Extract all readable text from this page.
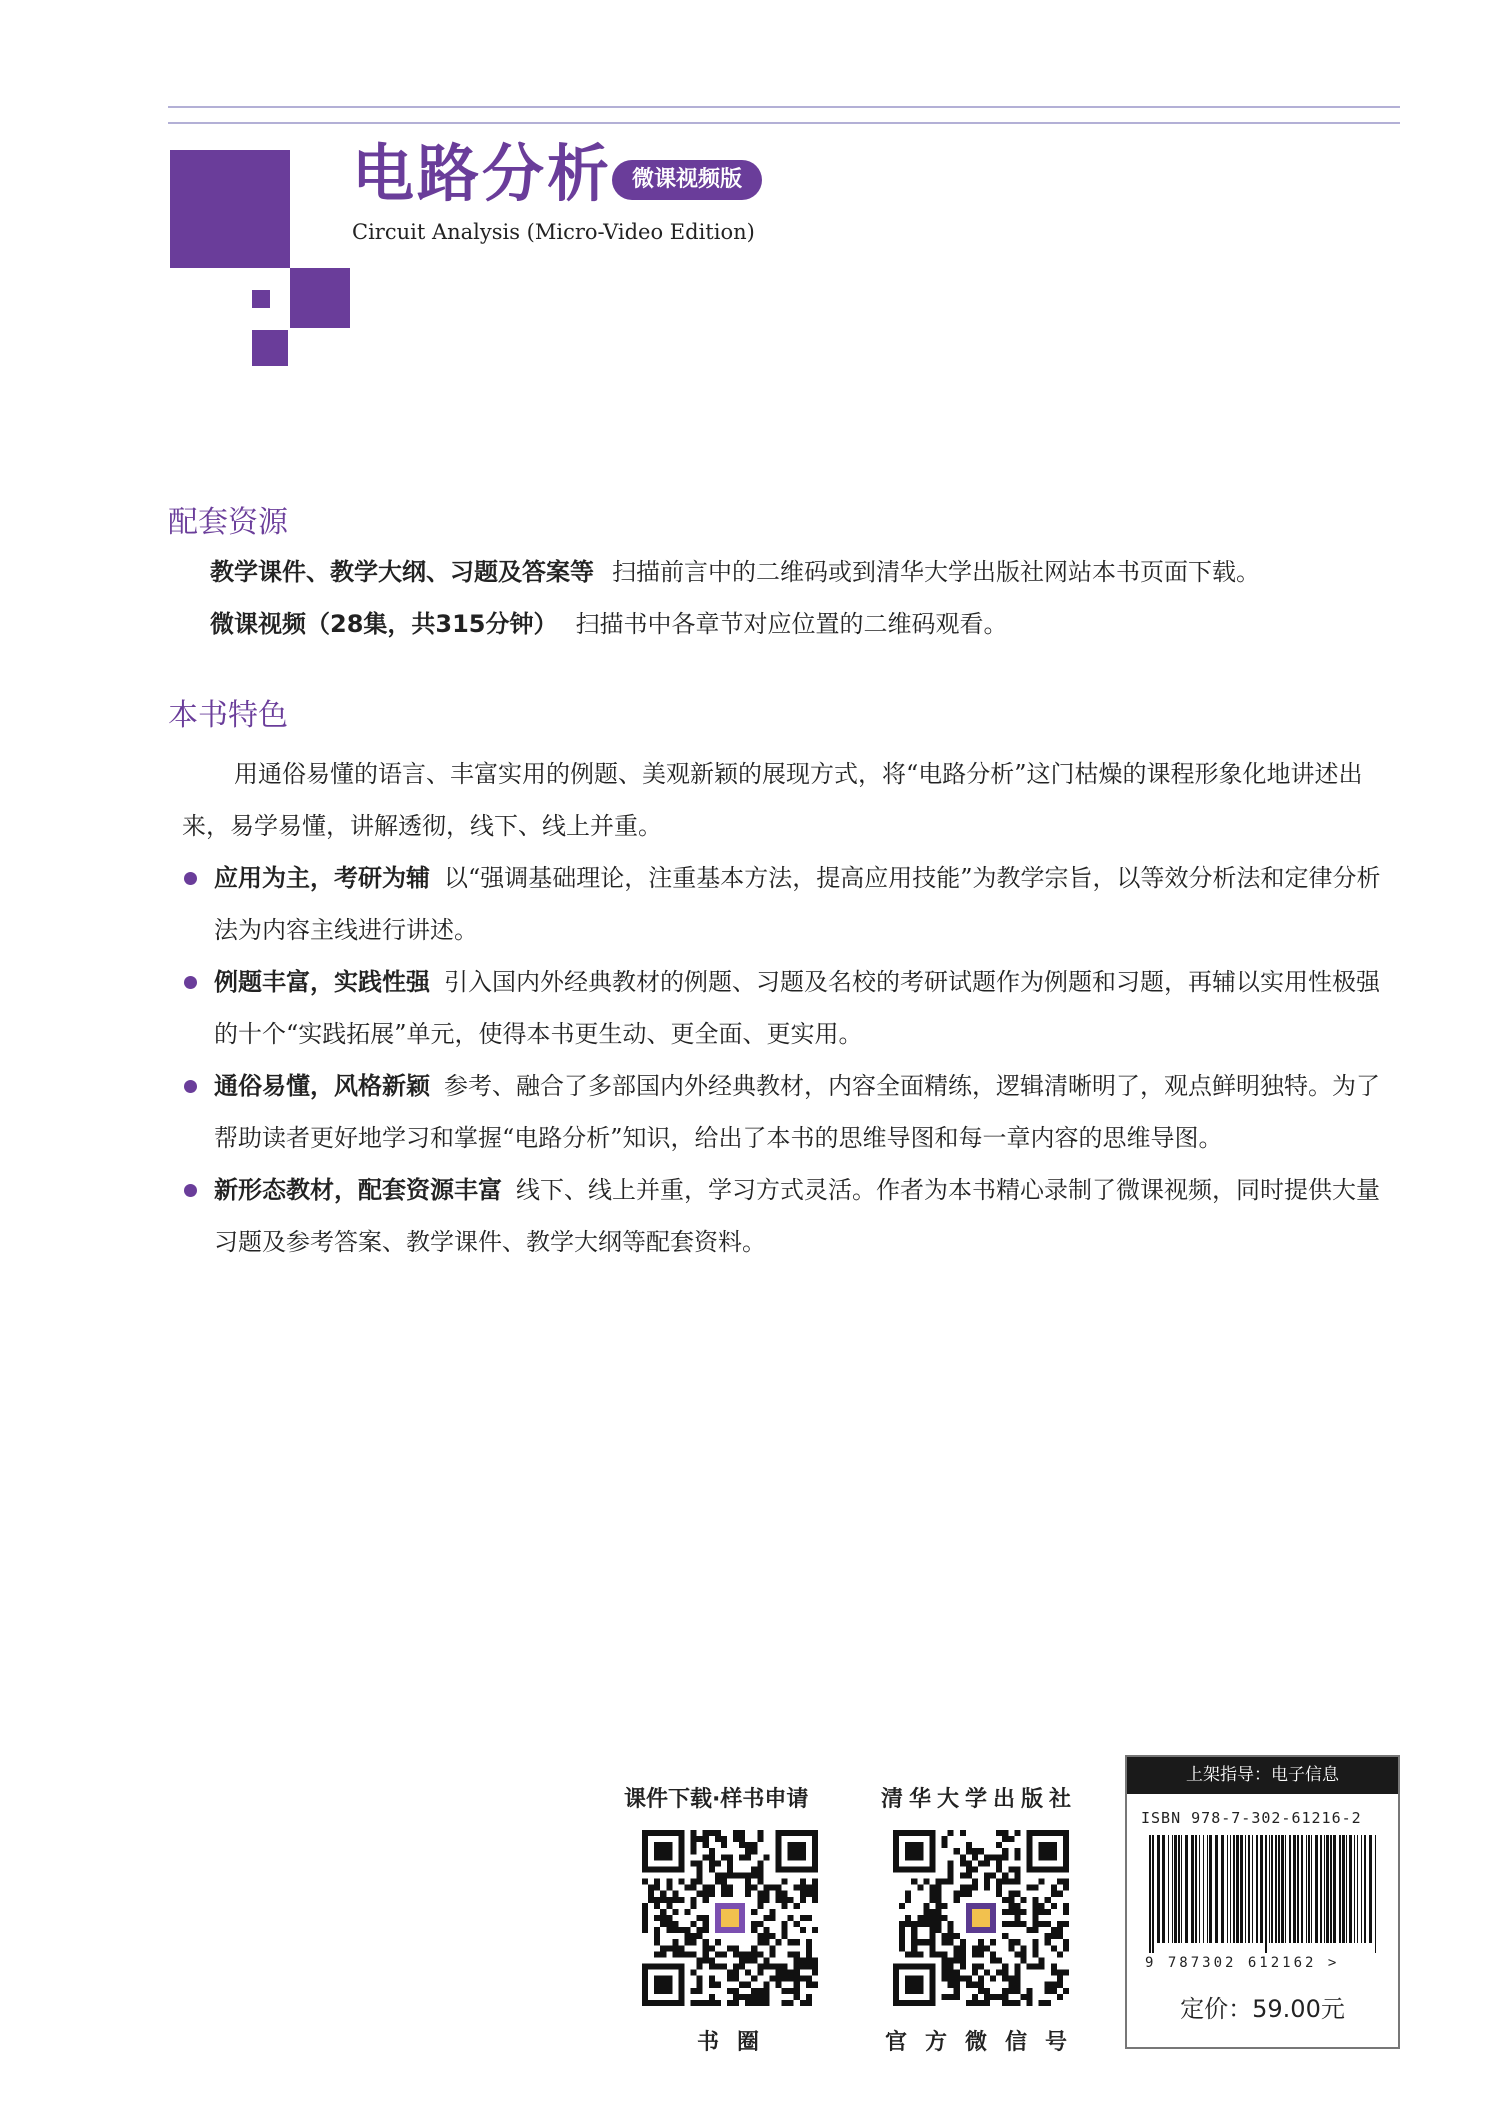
电路分析 微课视频版
Circuit Analysis (Micro-Video Edition)
配套资源
教学课件、教学大纲、习题及答案等 扫描前言中的二维码或到清华大学出版社网站本书页面下载。
微课视频（28集，共315分钟） 扫描书中各章节对应位置的二维码观看。
本书特色
用通俗易懂的语言、丰富实用的例题、美观新颖的展现方式，将“电路分析”这门枯燥的课程形象化地讲述出来，易学易懂，讲解透彻，线下、线上并重。
应用为主，考研为辅 以“强调基础理论，注重基本方法，提高应用技能”为教学宗旨，以等效分析法和定律分析法为内容主线进行讲述。
例题丰富，实践性强 引入国内外经典教材的例题、习题及名校的考研试题作为例题和习题，再辅以实用性极强的十个“实践拓展”单元，使得本书更生动、更全面、更实用。
通俗易懂，风格新颖 参考、融合了多部国内外经典教材，内容全面精练，逻辑清晰明了，观点鲜明独特。为了帮助读者更好地学习和掌握“电路分析”知识，给出了本书的思维导图和每一章内容的思维导图。
新形态教材，配套资源丰富 线下、线上并重，学习方式灵活。作者为本书精心录制了微课视频，同时提供大量习题及参考答案、教学课件、教学大纲等配套资料。
课件下载·样书申请
书圈
清华大学出版社
官方微信号
上架指导：电子信息
ISBN 978-7-302-61216-2
9 787302 612162 >
定价：59.00元
